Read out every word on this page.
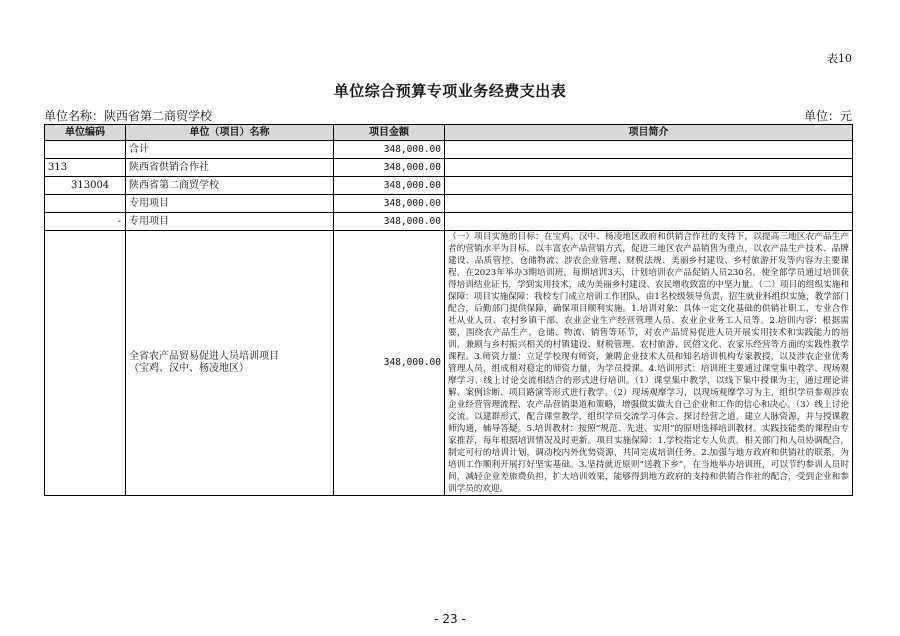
表10
单位综合预算专项业务经费支出表
单位名称：陕西省第二商贸学校	单位：元
单位编码	单位（项目）名称	项目金额	项目简介
	合计	348,000.00	
313	陕西省供销合作社	348,000.00	
313004	陕西省第二商贸学校	348,000.00	
	专用项目	348,000.00	
-	专用项目	348,000.00	
	全省农产品贸易促进人员培训项目
（宝鸡、汉中、杨凌地区）	348,000.00	（一）项目实施的目标：在宝鸡、汉中、杨凌地区政府和供销合作社的支持下，以提高三地区农产品生产者的营销水平为目标，以丰富农产品营销方式，促进三地区农产品销售为重点，以农产品生产技术、品牌建设、品质管控、仓储物流、涉农企业管理、财税法规、美丽乡村建设、乡村旅游开发等内容为主要课程，在2023年举办3期培训班，每期培训3天，计划培训农产品促销人员230名，使全部学员通过培训获得培训结业证书，学到实用技术，成为美丽乡村建设、农民增收致富的中坚力量。（二）项目的组织实施和保障：项目实施保障：我校专门成立培训工作团队，由1名校级领导负责，招生就业科组织实施，教学部门配合，后勤部门提供保障，确保项目顺利实施。1.培训对象：具体一定文化基础的供销社职工、专业合作社从业人员、农村乡镇干部、农业企业生产经营管理人员、农业企业务工人员等。2.培训内容：根据需要，围绕农产品生产、仓储、物流、销售等环节，对农产品贸易促进人员开展实用技术和实践能力的培训，兼顾与乡村振兴相关的村镇建设、财税管理、农村旅游、民俗文化、农家乐经营等方面的实践性教学课程。3.师资力量：立足学校现有师资，兼聘企业技术人员和知名培训机构专家教授，以及涉农企业优秀管理人员，组成相对稳定的师资力量，为学员授课。4.培训形式：培训班主要通过课堂集中教学、现场观摩学习、线上讨论交流相结合的形式进行培训。（1）课堂集中教学，以线下集中授课为主，通过理论讲解、案例诊断、项目路演等形式进行教学。（2）现场观摩学习，以现场观摩学习为主，组织学员参观涉农企业经营管理流程、农产品营销渠道和策略，增强做实做大自己企业和工作的信心和决心。（3）线上讨论交流。以建群形式，配合课堂教学，组织学员交流学习体会、探讨经营之道，建立人脉资源，并与授课教师沟通，辅导答疑。5.培训教材：按照“规范、先进、实用”的原则选择培训教材。实践技能类的课程由专家推荐，每年根据培训情况及时更新。项目实施保障：1.学校指定专人负责，相关部门和人员协调配合，制定可行的培训计划，调动校内外优势资源，共同完成培训任务。2.加强与地方政府和供销社的联系，为培训工作顺利开展打好坚实基础。3.坚持就近原则“送教下乡”，在当地举办培训班，可以节约参训人员时间，减轻企业差旅费负担，扩大培训效果，能够得到地方政府的支持和供销合作社的配合，受到企业和参训学员的欢迎。
- 23 -
